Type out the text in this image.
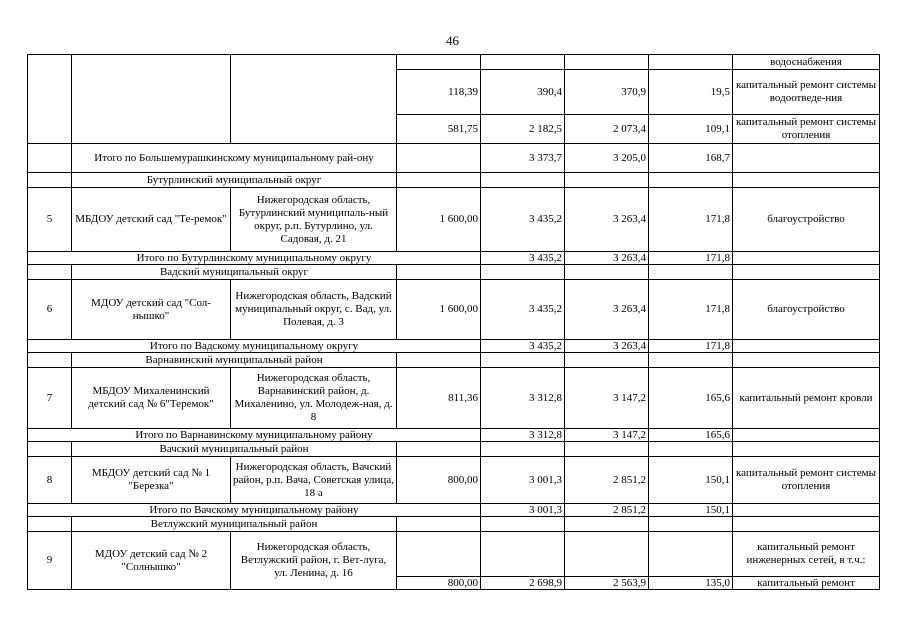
46
							водоснабжения
			118,39	390,4	370,9	19,5	капитальный ремонт системы водоотведе-ния
			581,75	2 182,5	2 073,4	109,1	капитальный ремонт системы отопления
	Итого по Большемурашкинскому муниципальному рай-ону			3 373,7	3 205,0	168,7	
	Бутурлинский муниципальный округ						
5	МБДОУ детский сад "Те-ремок"	Нижегородская область, Бутурлинский муниципаль-ный округ, р.п. Бутурлино, ул. Садовая, д. 21	1 600,00	3 435,2	3 263,4	171,8	благоустройство
Итого по Бутурлинскому муниципальному округу				3 435,2	3 263,4	171,8	
	Вадский муниципальный округ						
6	МДОУ детский сад "Сол-нышко"	Нижегородская область, Вадский муниципальный округ, с. Вад, ул. Полевая, д. 3	1 600,00	3 435,2	3 263,4	171,8	благоустройство
Итого по Вадскому муниципальному округу				3 435,2	3 263,4	171,8	
	Варнавинский муниципальный район						
7	МБДОУ Михаленинский детский сад № 6"Теремок"	Нижегородская область, Варнавинский район, д. Михаленино, ул. Молодеж-ная, д. 8	811,36	3 312,8	3 147,2	165,6	капитальный ремонт кровли
Итого по Варнавинскому муниципальному району				3 312,8	3 147,2	165,6	
	Вачский муниципальный район						
8	МБДОУ детский сад № 1 "Березка"	Нижегородская область, Вачский район, р.п. Вача, Советская улица, 18 а	800,00	3 001,3	2 851,2	150,1	капитальный ремонт системы отопления
Итого по Вачскому муниципальному району				3 001,3	2 851,2	150,1	
	Ветлужский муниципальный район						
9	МДОУ детский сад № 2 "Солнышко"	Нижегородская область, Ветлужский район, г. Вет-луга, ул. Ленина, д. 16					капитальный ремонт инженерных сетей, в т.ч.:
			800,00	2 698,9	2 563,9	135,0	капитальный ремонт
